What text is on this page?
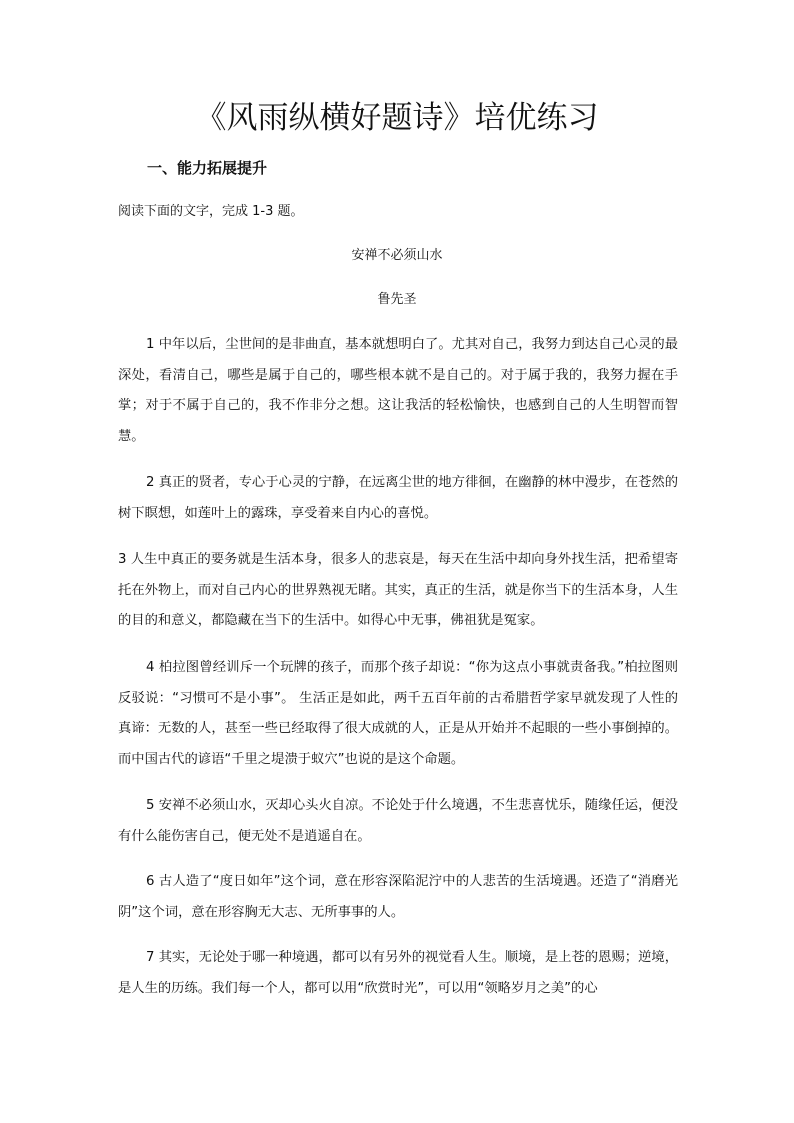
《风雨纵横好题诗》培优练习
一、能力拓展提升

阅读下面的文字，完成 1-3 题。

安禅不必须山水

鲁先圣

1 中年以后，尘世间的是非曲直，基本就想明白了。尤其对自己，我努力到达自己心灵的最深处，看清自己，哪些是属于自己的，哪些根本就不是自己的。对于属于我的，我努力握在手掌；对于不属于自己的，我不作非分之想。这让我活的轻松愉快，也感到自己的人生明智而智慧。

2 真正的贤者，专心于心灵的宁静，在远离尘世的地方徘徊，在幽静的林中漫步，在苍然的树下瞑想，如莲叶上的露珠，享受着来自内心的喜悦。

3 人生中真正的要务就是生活本身，很多人的悲哀是，每天在生活中却向身外找生活，把希望寄托在外物上，而对自己内心的世界熟视无睹。其实，真正的生活，就是你当下的生活本身，人生的目的和意义，都隐藏在当下的生活中。如得心中无事，佛祖犹是冤家。

4 柏拉图曾经训斥一个玩牌的孩子，而那个孩子却说：“你为这点小事就责备我。”柏拉图则反驳说：“习惯可不是小事”。 生活正是如此，两千五百年前的古希腊哲学家早就发现了人性的真谛：无数的人，甚至一些已经取得了很大成就的人，正是从开始并不起眼的一些小事倒掉的。而中国古代的谚语“千里之堤溃于蚁穴”也说的是这个命题。

5 安禅不必须山水，灭却心头火自凉。不论处于什么境遇，不生悲喜忧乐，随缘任运，便没有什么能伤害自己，便无处不是逍遥自在。

6 古人造了“度日如年”这个词，意在形容深陷泥泞中的人悲苦的生活境遇。还造了“消磨光阴”这个词，意在形容胸无大志、无所事事的人。

7 其实，无论处于哪一种境遇，都可以有另外的视觉看人生。顺境，是上苍的恩赐；逆境，是人生的历练。我们每一个人，都可以用“欣赏时光”，可以用“领略岁月之美”的心
